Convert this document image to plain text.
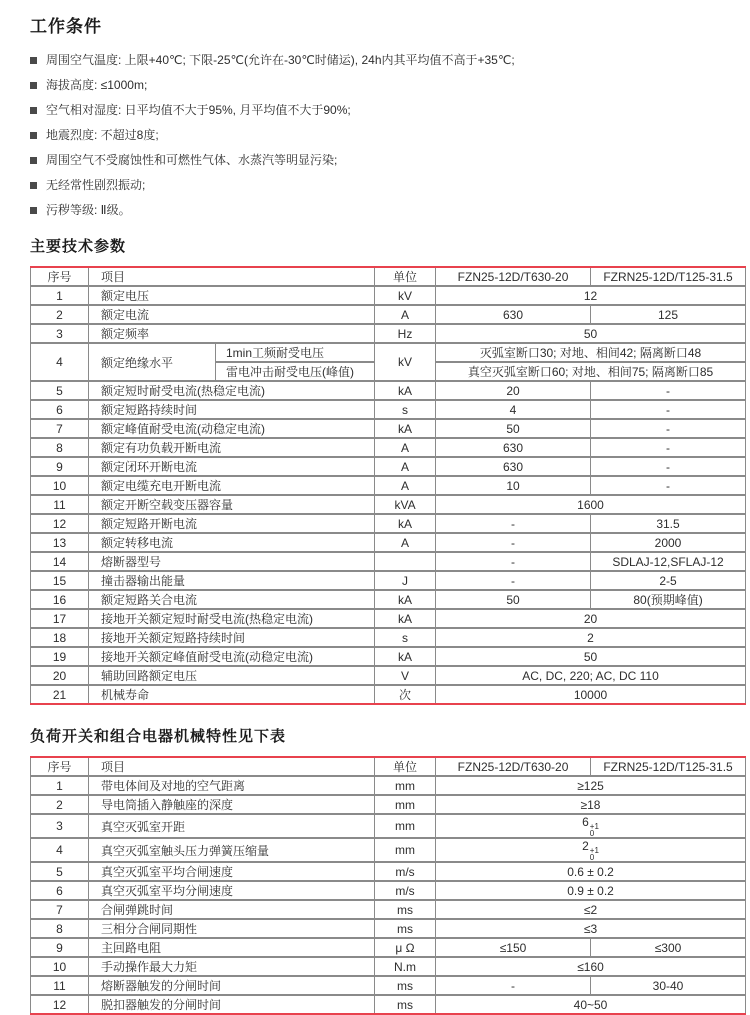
工作条件
周围空气温度: 上限+40℃; 下限-25℃(允许在-30℃时储运), 24h内其平均值不高于+35℃;
海拔高度: ≤1000m;
空气相对湿度: 日平均值不大于95%, 月平均值不大于90%;
地震烈度: 不超过8度;
周围空气不受腐蚀性和可燃性气体、水蒸汽等明显污染;
无经常性剧烈振动;
污秽等级: Ⅱ级。
主要技术参数
序号	项目		单位	FZN25-12D/T630-20	FZRN25-12D/T125-31.5
1	额定电压		kV	12	
2	额定电流		A	630	125
3	额定频率		Hz	50	
4	额定绝缘水平	1min工频耐受电压	kV	灭弧室断口30; 对地、相间42; 隔离断口48	
		雷电冲击耐受电压(峰值)		真空灭弧室断口60; 对地、相间75; 隔离断口85	
5	额定短时耐受电流(热稳定电流)		kA	20	-
6	额定短路持续时间		s	4	-
7	额定峰值耐受电流(动稳定电流)		kA	50	-
8	额定有功负载开断电流		A	630	-
9	额定闭环开断电流		A	630	-
10	额定电缆充电开断电流		A	10	-
11	额定开断空载变压器容量		kVA	1600	
12	额定短路开断电流		kA	-	31.5
13	额定转移电流		A	-	2000
14	熔断器型号			-	SDLAJ-12,SFLAJ-12
15	撞击器输出能量		J	-	2-5
16	额定短路关合电流		kA	50	80(预期峰值)
17	接地开关额定短时耐受电流(热稳定电流)		kA	20	
18	接地开关额定短路持续时间		s	2	
19	接地开关额定峰值耐受电流(动稳定电流)		kA	50	
20	辅助回路额定电压		V	AC, DC, 220; AC, DC 110	
21	机械寿命		次	10000	
负荷开关和组合电器机械特性见下表
序号	项目	单位	FZN25-12D/T630-20	FZRN25-12D/T125-31.5
1	带电体间及对地的空气距离	mm	≥125	
2	导电筒插入静触座的深度	mm	≥18	
3	真空灭弧室开距	mm	6 +1
0	

4	真空灭弧室触头压力弹簧压缩量	mm	2 +1
0	

5	真空灭弧室平均合闸速度	m/s	0.6 ± 0.2	
6	真空灭弧室平均分闸速度	m/s	0.9 ± 0.2	
7	合闸弹跳时间	ms	≤2	
8	三相分合闸同期性	ms	≤3	
9	主回路电阻	μ Ω	≤150	≤300
10	手动操作最大力矩	N.m	≤160	
11	熔断器触发的分闸时间	ms	-	30-40
12	脱扣器触发的分闸时间	ms	40~50	
